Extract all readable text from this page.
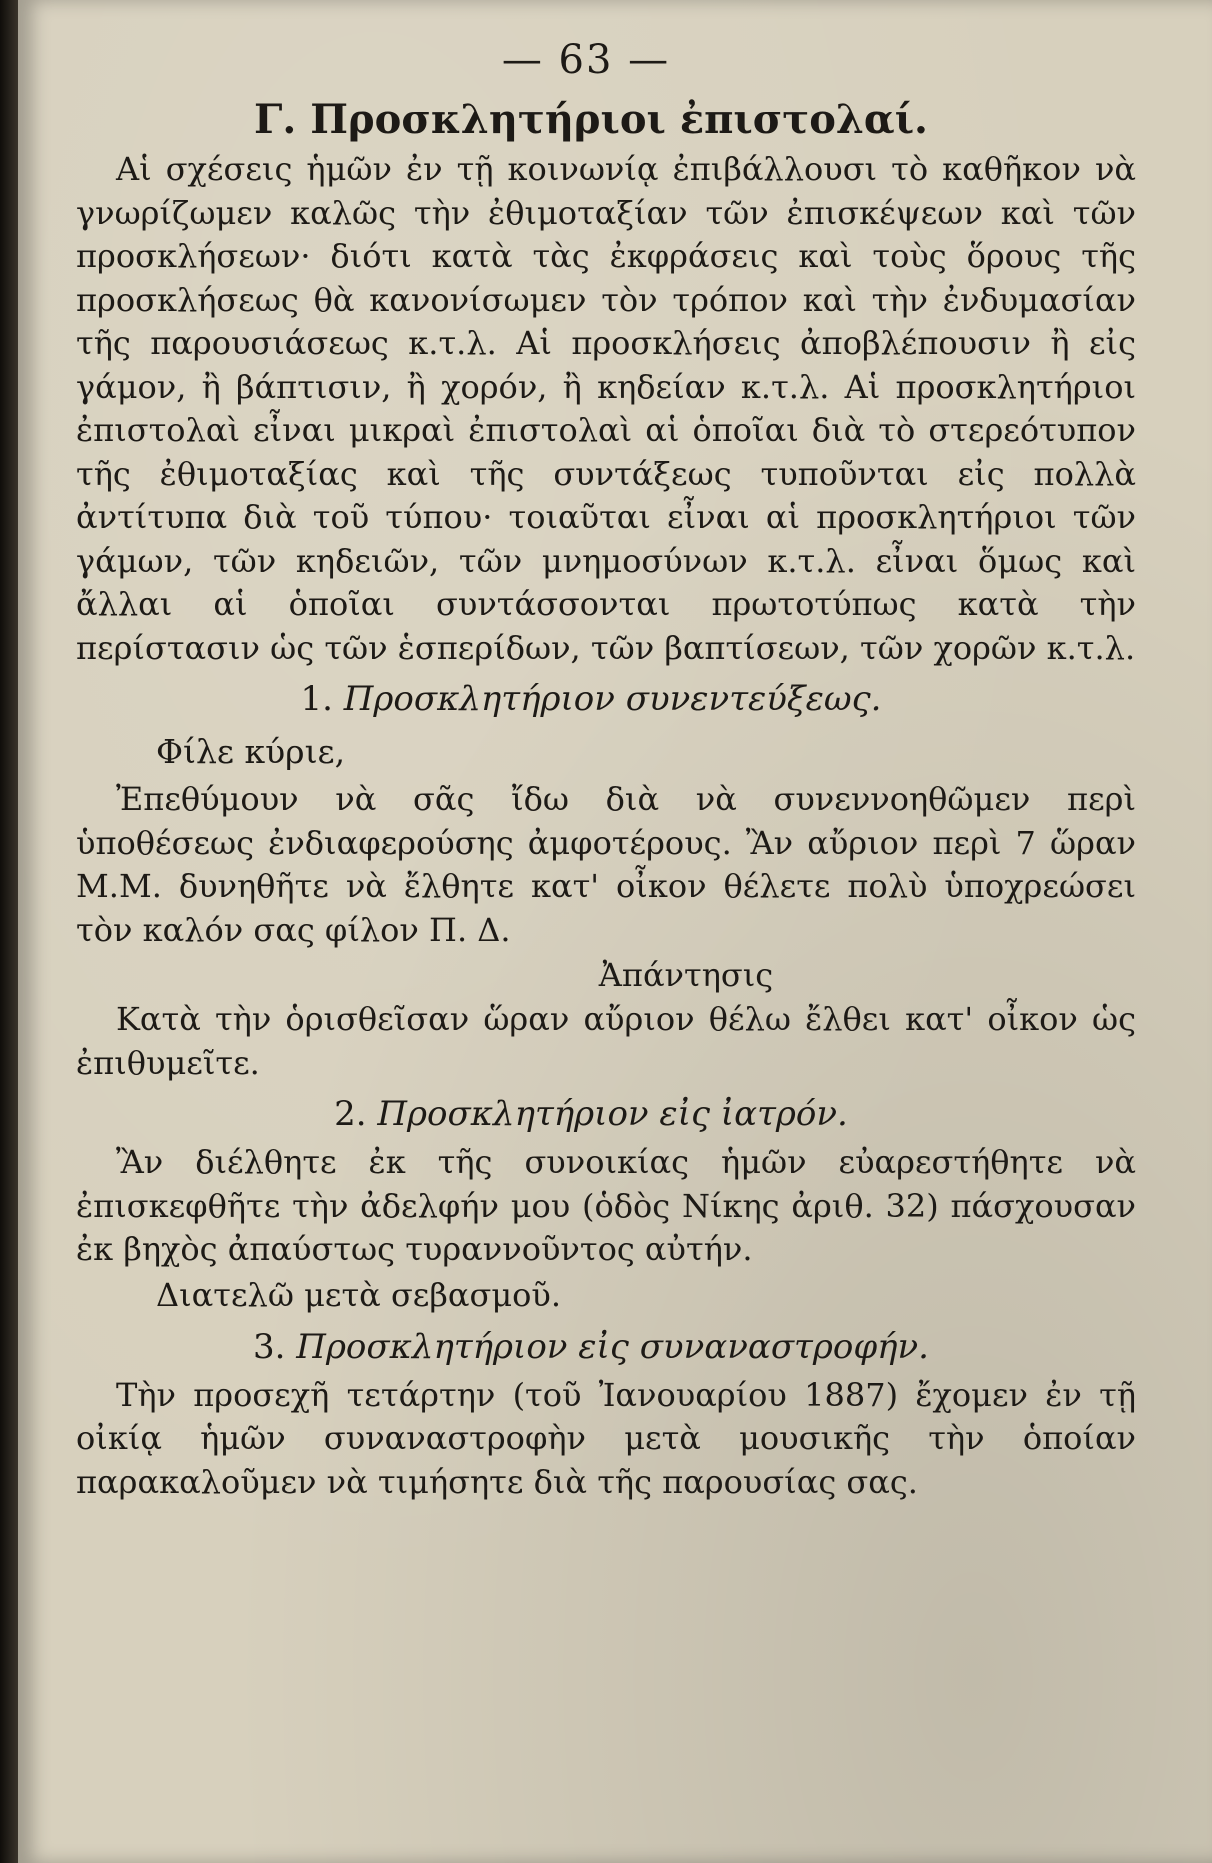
— 63 —
Γ. Προσκλητήριοι ἐπιστολαί.

Αἱ σχέσεις ἡμῶν ἐν τῇ κοινωνίᾳ ἐπιβάλλουσι τὸ καθῆκον νὰ γνωρίζωμεν καλῶς τὴν ἐθιμοταξίαν τῶν ἐπισκέψεων καὶ τῶν προσκλήσεων· διότι κατὰ τὰς ἐκφράσεις καὶ τοὺς ὅρους τῆς προσκλήσεως θὰ κανονίσωμεν τὸν τρόπον καὶ τὴν ἐνδυμασίαν τῆς παρουσιάσεως κ.τ.λ. Αἱ προσκλήσεις ἀποβλέπουσιν ἢ εἰς γάμον, ἢ βάπτισιν, ἢ χορόν, ἢ κηδείαν κ.τ.λ. Αἱ προσκλητήριοι ἐπιστολαὶ εἶναι μικραὶ ἐπιστολαὶ αἱ ὁποῖαι διὰ τὸ στερεότυπον τῆς ἐθιμοταξίας καὶ τῆς συντάξεως τυποῦνται εἰς πολλὰ ἀντίτυπα διὰ τοῦ τύπου· τοιαῦται εἶναι αἱ προσκλητήριοι τῶν γάμων, τῶν κηδειῶν, τῶν μνημοσύνων κ.τ.λ. εἶναι ὅμως καὶ ἄλλαι αἱ ὁποῖαι συντάσσονται πρωτοτύπως κατὰ τὴν περίστασιν ὡς τῶν ἑσπερίδων, τῶν βαπτίσεων, τῶν χορῶν κ.τ.λ.

1. Προσκλητήριον συνεντεύξεως.
Φίλε κύριε,

Ἐπεθύμουν νὰ σᾶς ἴδω διὰ νὰ συνεννοηθῶμεν περὶ ὑποθέσεως ἐνδιαφερούσης ἀμφοτέρους. Ἂν αὔριον περὶ 7 ὥραν Μ.Μ. δυνηθῆτε νὰ ἔλθητε κατ' οἶκον θέλετε πολὺ ὑποχρεώσει τὸν καλόν σας φίλον Π. Δ.

Ἀπάντησις

Κατὰ τὴν ὁρισθεῖσαν ὥραν αὔριον θέλω ἔλθει κατ' οἶκον ὡς ἐπιθυμεῖτε.

2. Προσκλητήριον εἰς ἰατρόν.

Ἂν διέλθητε ἐκ τῆς συνοικίας ἡμῶν εὐαρεστήθητε νὰ ἐπισκεφθῆτε τὴν ἀδελφήν μου (ὁδὸς Νίκης ἀριθ. 32) πάσχουσαν ἐκ βηχὸς ἀπαύστως τυραννοῦντος αὐτήν.

Διατελῶ μετὰ σεβασμοῦ.
3. Προσκλητήριον εἰς συναναστροφήν.

Τὴν προσεχῆ τετάρτην (τοῦ Ἰανουαρίου 1887) ἔχομεν ἐν τῇ οἰκίᾳ ἡμῶν συναναστροφὴν μετὰ μουσικῆς τὴν ὁποίαν παρακαλοῦμεν νὰ τιμήσητε διὰ τῆς παρουσίας σας.
